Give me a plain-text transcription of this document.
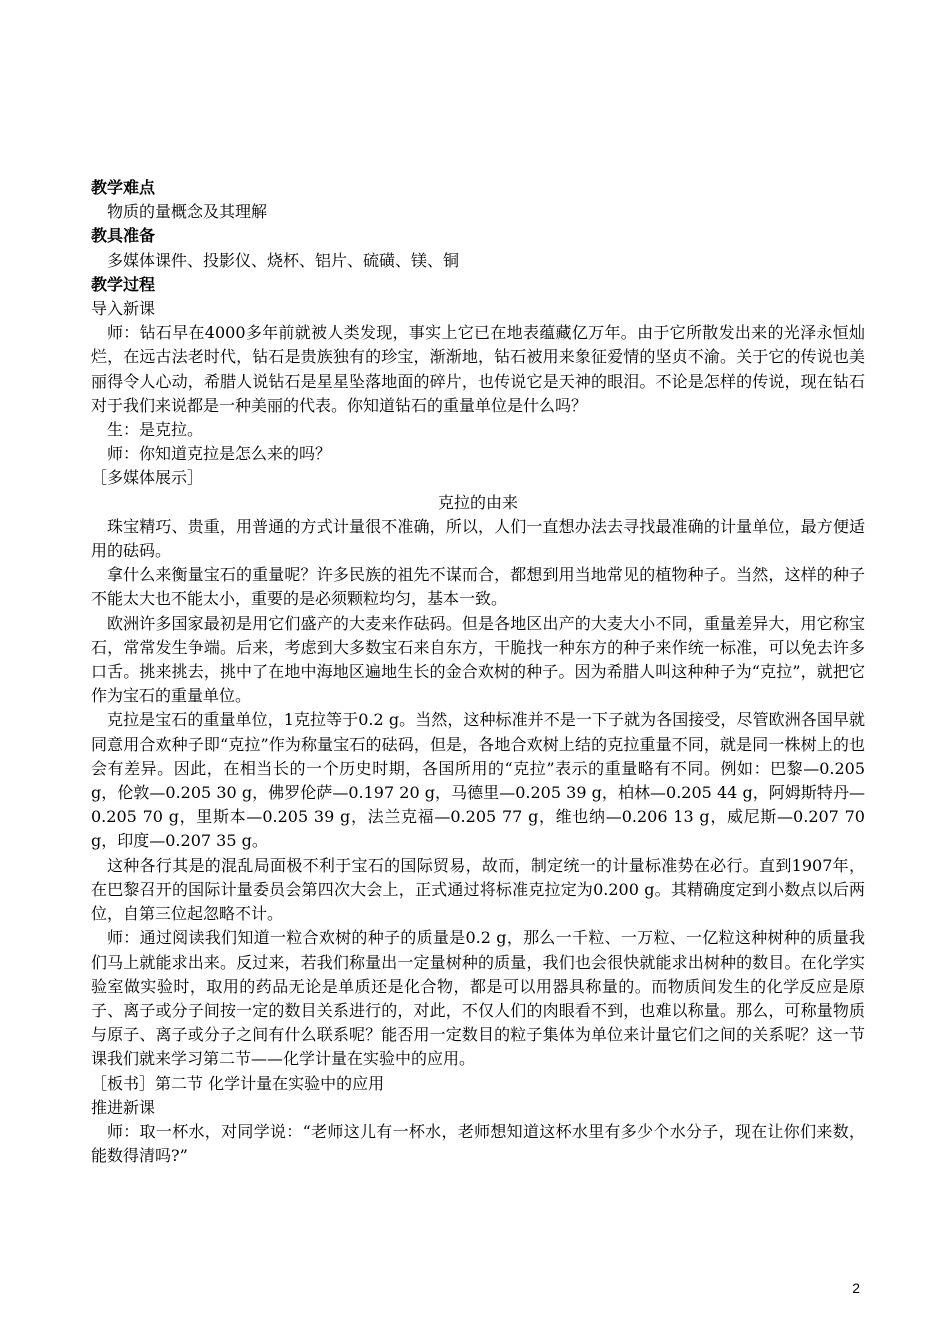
教学难点

物质的量概念及其理解

教具准备

多媒体课件、投影仪、烧杯、铝片、硫磺、镁、铜

教学过程

导入新课

师：钻石早在4000多年前就被人类发现，事实上它已在地表蕴藏亿万年。由于它所散发出来的光泽永恒灿烂，在远古法老时代，钻石是贵族独有的珍宝，渐渐地，钻石被用来象征爱情的坚贞不渝。关于它的传说也美丽得令人心动，希腊人说钻石是星星坠落地面的碎片，也传说它是天神的眼泪。不论是怎样的传说，现在钻石对于我们来说都是一种美丽的代表。你知道钻石的重量单位是什么吗？

生：是克拉。

师：你知道克拉是怎么来的吗？

［多媒体展示］

克拉的由来

珠宝精巧、贵重，用普通的方式计量很不准确，所以，人们一直想办法去寻找最准确的计量单位，最方便适用的砝码。

拿什么来衡量宝石的重量呢？许多民族的祖先不谋而合，都想到用当地常见的植物种子。当然，这样的种子不能太大也不能太小，重要的是必须颗粒均匀，基本一致。

欧洲许多国家最初是用它们盛产的大麦来作砝码。但是各地区出产的大麦大小不同，重量差异大，用它称宝石，常常发生争端。后来，考虑到大多数宝石来自东方，干脆找一种东方的种子来作统一标准，可以免去许多口舌。挑来挑去，挑中了在地中海地区遍地生长的金合欢树的种子。因为希腊人叫这种种子为“克拉”，就把它作为宝石的重量单位。

克拉是宝石的重量单位，1克拉等于0.2 g。当然，这种标准并不是一下子就为各国接受，尽管欧洲各国早就同意用合欢种子即“克拉”作为称量宝石的砝码，但是，各地合欢树上结的克拉重量不同，就是同一株树上的也会有差异。因此，在相当长的一个历史时期，各国所用的“克拉”表示的重量略有不同。例如：巴黎—0.205 g，伦敦—0.205 30 g，佛罗伦萨—0.197 20 g，马德里—0.205 39 g，柏林—0.205 44 g，阿姆斯特丹—0.205 70 g，里斯本—0.205 39 g，法兰克福—0.205 77 g，维也纳—0.206 13 g，威尼斯—0.207 70 g，印度—0.207 35 g。

这种各行其是的混乱局面极不利于宝石的国际贸易，故而，制定统一的计量标准势在必行。直到1907年，在巴黎召开的国际计量委员会第四次大会上，正式通过将标准克拉定为0.200 g。其精确度定到小数点以后两位，自第三位起忽略不计。

师：通过阅读我们知道一粒合欢树的种子的质量是0.2 g，那么一千粒、一万粒、一亿粒这种树种的质量我们马上就能求出来。反过来，若我们称量出一定量树种的质量，我们也会很快就能求出树种的数目。在化学实验室做实验时，取用的药品无论是单质还是化合物，都是可以用器具称量的。而物质间发生的化学反应是原子、离子或分子间按一定的数目关系进行的，对此，不仅人们的肉眼看不到，也难以称量。那么，可称量物质与原子、离子或分子之间有什么联系呢？能否用一定数目的粒子集体为单位来计量它们之间的关系呢？这一节课我们就来学习第二节——化学计量在实验中的应用。

［板书］第二节 化学计量在实验中的应用

推进新课

师：取一杯水，对同学说：“老师这儿有一杯水，老师想知道这杯水里有多少个水分子，现在让你们来数，能数得清吗?”

2
